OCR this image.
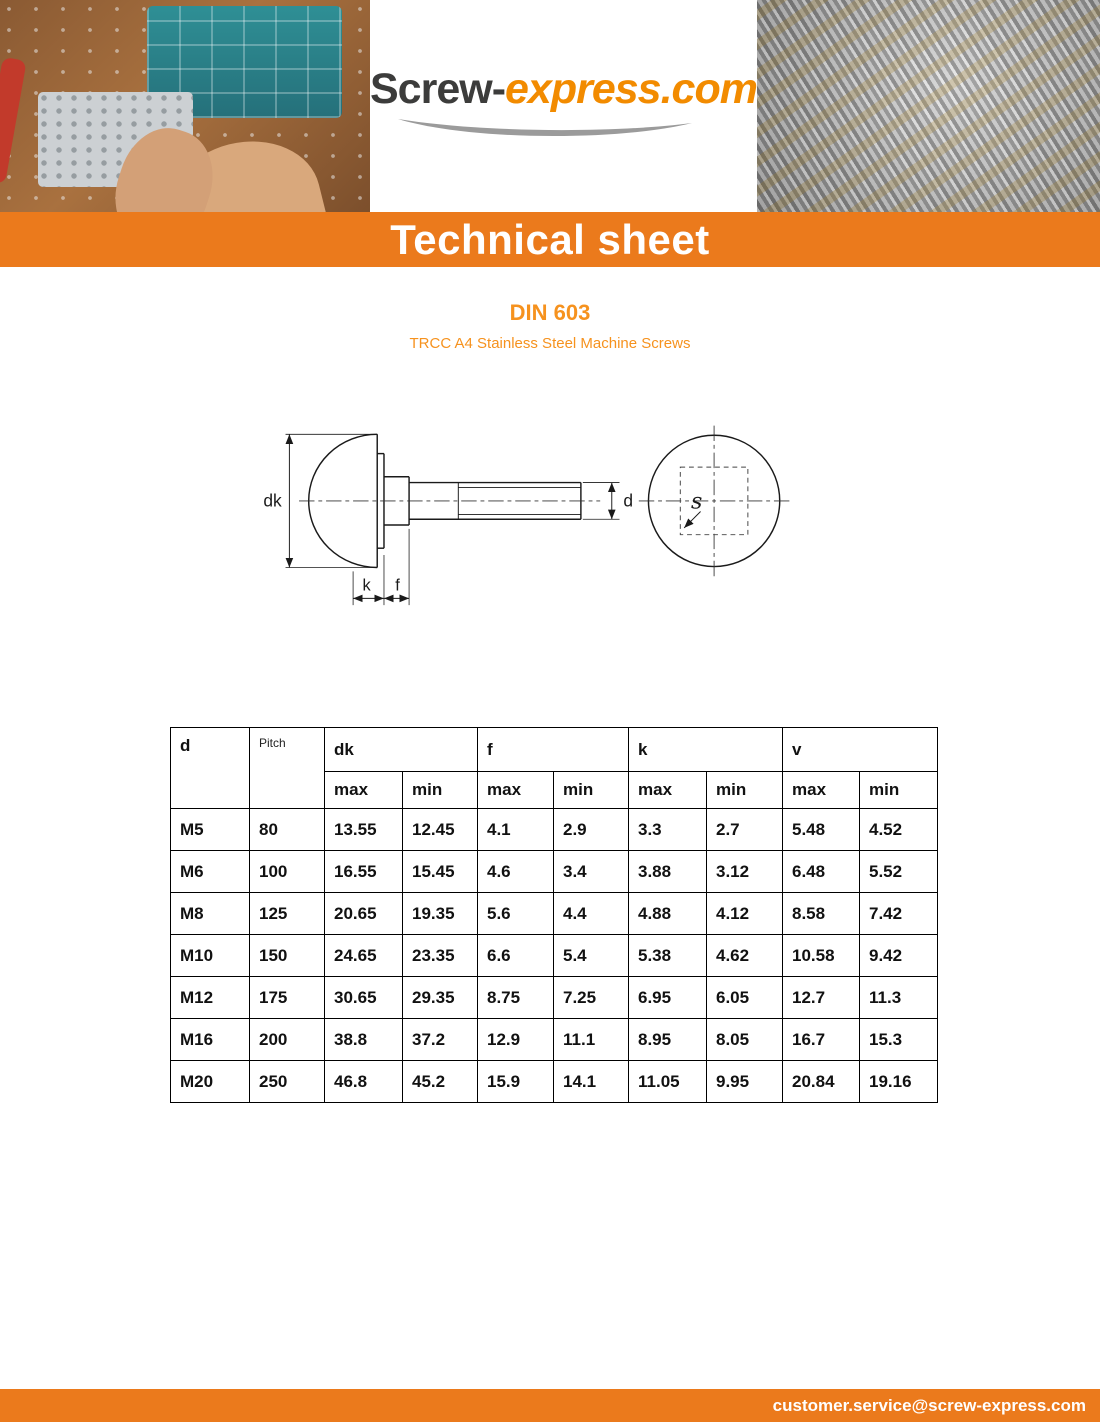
Screw-express.com
Technical sheet
DIN 603
TRCC A4 Stainless Steel Machine Screws
dk	d
k f
s
d	Pitch	dk		f		k		v	
		max	min	max	min	max	min	max	min
M5	80	13.55	12.45	4.1	2.9	3.3	2.7	5.48	4.52
M6	100	16.55	15.45	4.6	3.4	3.88	3.12	6.48	5.52
M8	125	20.65	19.35	5.6	4.4	4.88	4.12	8.58	7.42
M10	150	24.65	23.35	6.6	5.4	5.38	4.62	10.58	9.42
M12	175	30.65	29.35	8.75	7.25	6.95	6.05	12.7	11.3
M16	200	38.8	37.2	12.9	11.1	8.95	8.05	16.7	15.3
M20	250	46.8	45.2	15.9	14.1	11.05	9.95	20.84	19.16
customer.service@screw-express.com
